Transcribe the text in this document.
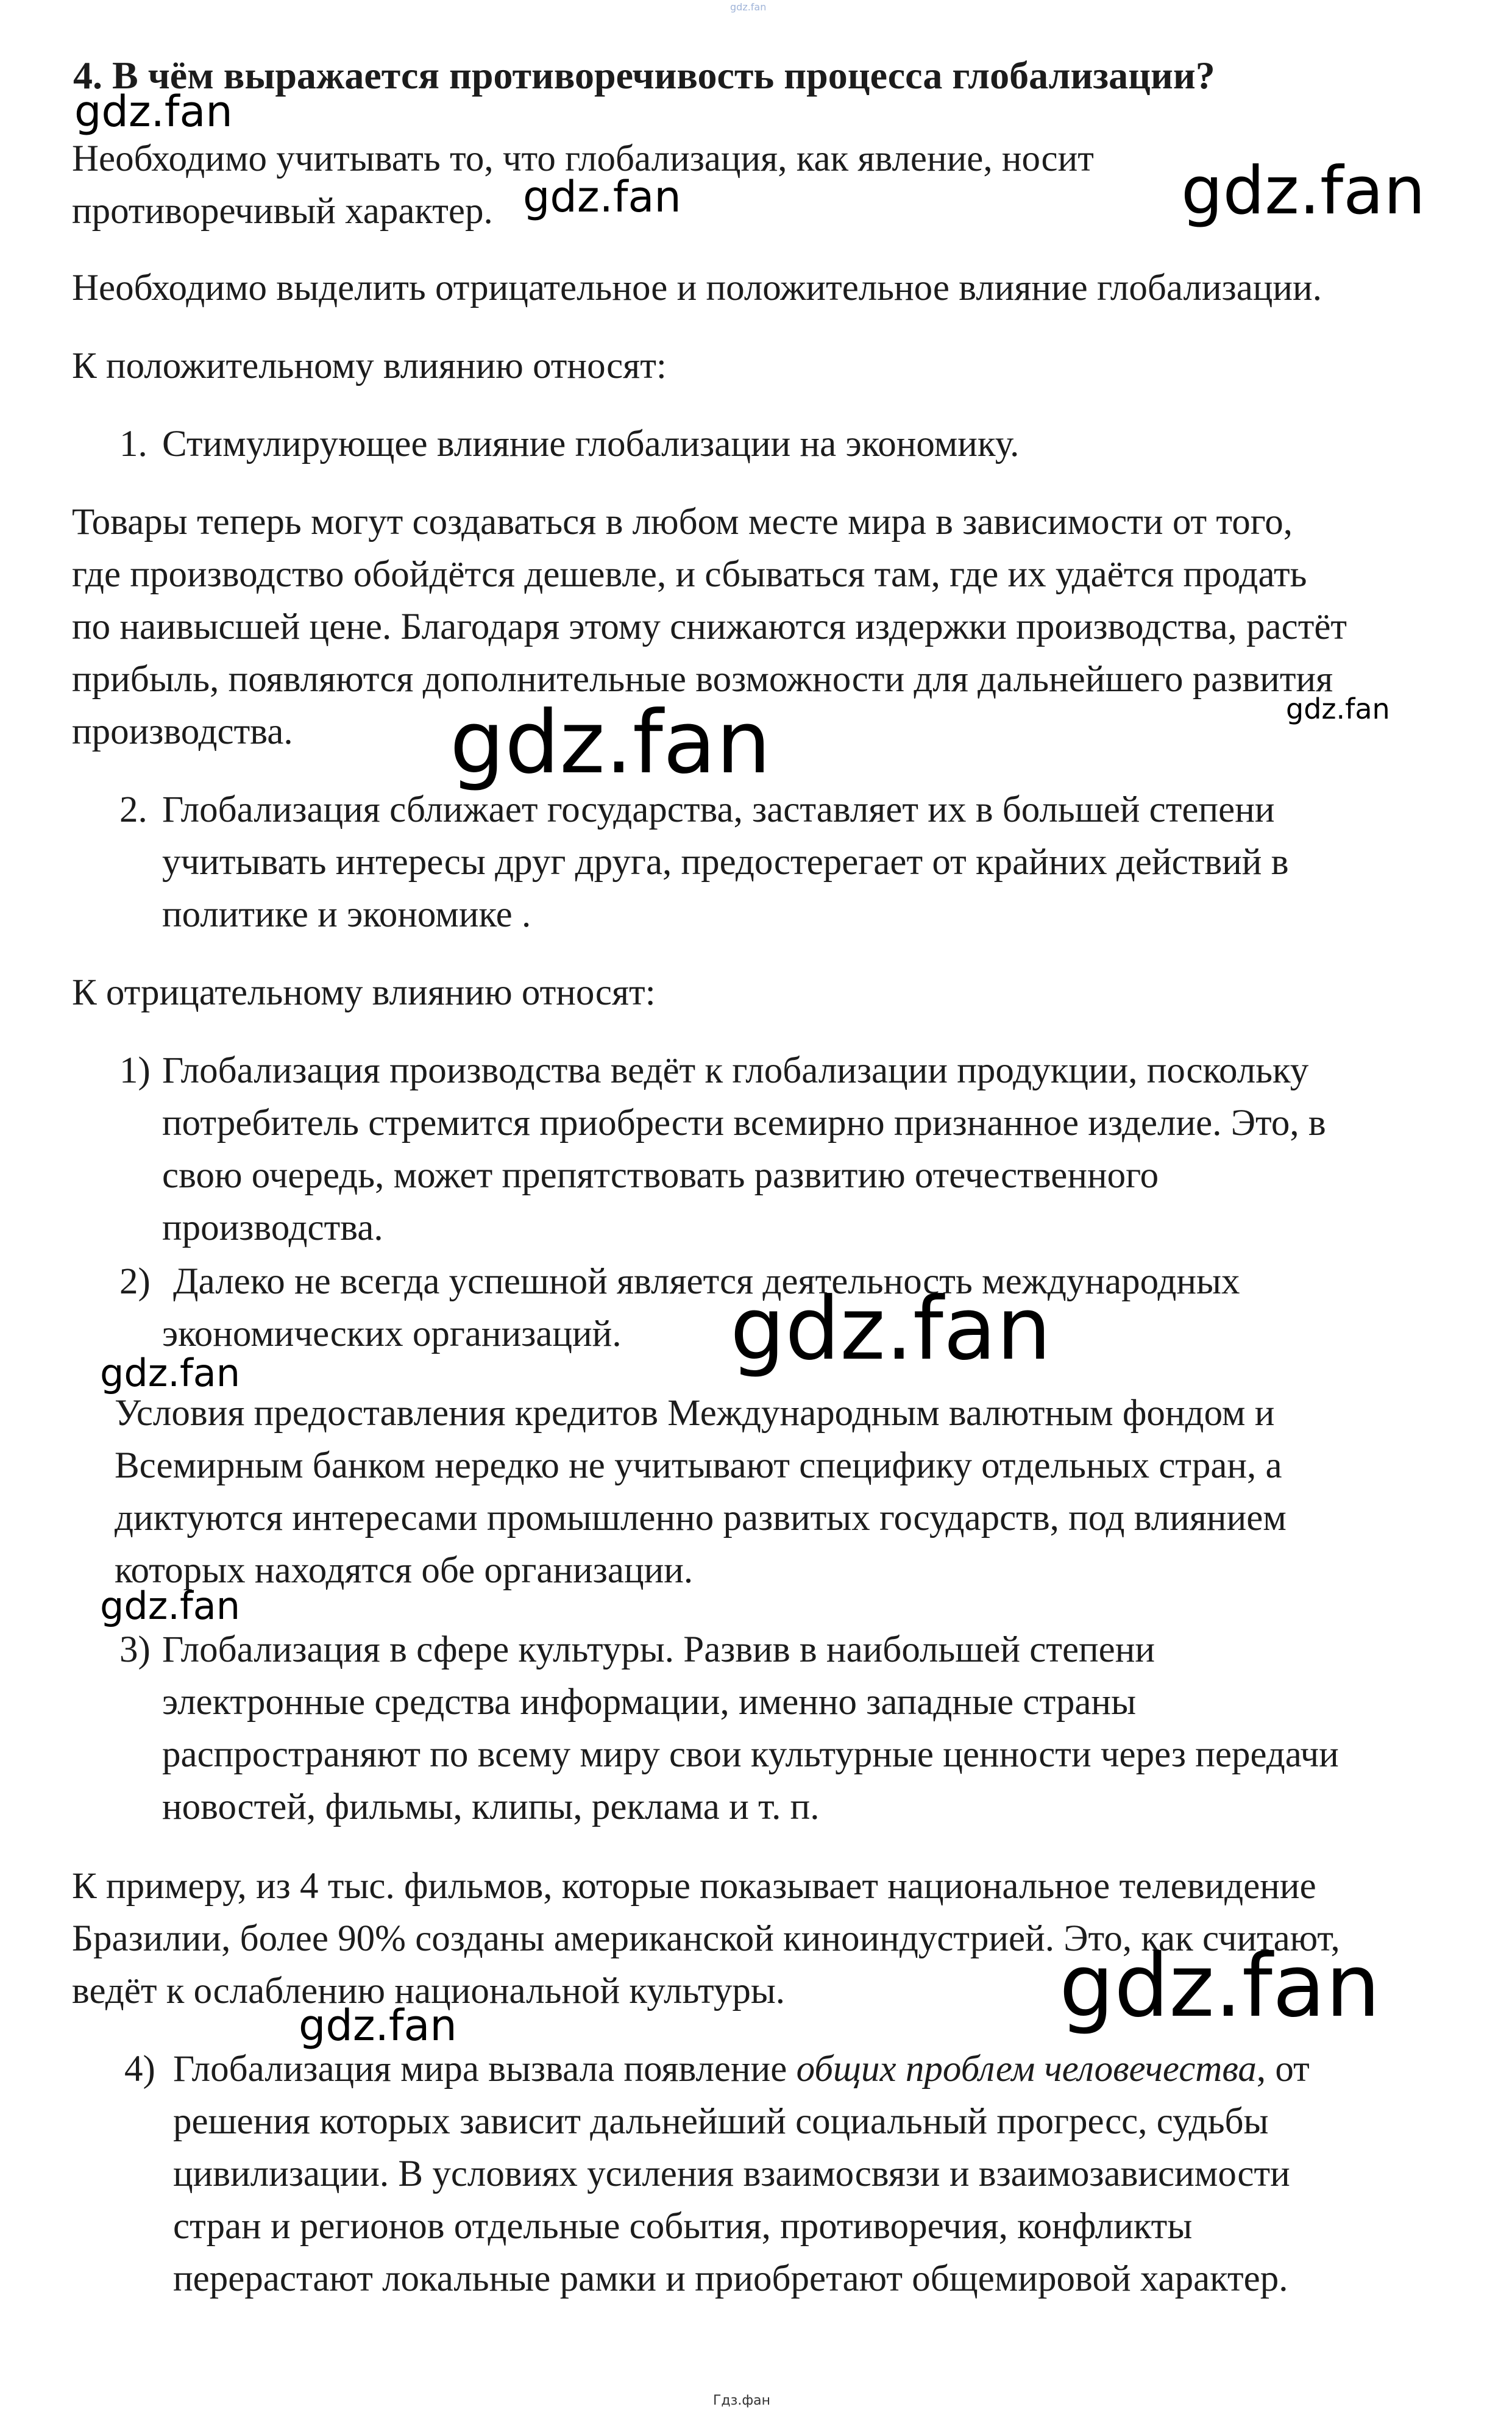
gdz.fan
4. В чём выражается противоречивость процесса глобализации?
gdz.fan
Необходимо учитывать то, что глобализация, как явление, носит
противоречивый характер. gdz.fan	gdz.fan
Необходимо выделить отрицательное и положительное влияние глобализации.
К положительному влиянию относят:
1. Стимулирующее влияние глобализации на экономику.
Товары теперь могут создаваться в любом месте мира в зависимости от того,
где производство обойдётся дешевле, и сбываться там, где их удаётся продать
по наивысшей цене. Благодаря этому снижаются издержки производства, растёт
прибыль, появляются дополнительные возможности для дальнейшего развития
gdz.fan
производства. gdz.fan
2. Глобализация сближает государства, заставляет их в большей степени
учитывать интересы друг друга, предостерегает от крайних действий в
политике и экономике .
К отрицательному влиянию относят:
1) Глобализация производства ведёт к глобализации продукции, поскольку
потребитель стремится приобрести всемирно признанное изделие. Это, в
свою очередь, может препятствовать развитию отечественного
производства.
2) Далеко не всегда успешной является деятельность международных
экономических организаций. gdz.fan
gdz.fan
Условия предоставления кредитов Международным валютным фондом и
Всемирным банком нередко не учитывают специфику отдельных стран, а
диктуются интересами промышленно развитых государств, под влиянием
которых находятся обе организации.
gdz.fan
3) Глобализация в сфере культуры. Развив в наибольшей степени
электронные средства информации, именно западные страны
распространяют по всему миру свои культурные ценности через передачи
новостей, фильмы, клипы, реклама и т. п.
К примеру, из 4 тыс. фильмов, которые показывает национальное телевидение
Бразилии, более 90% созданы американской киноиндустрией. Это, как считают,
ведёт к ослаблению национальной культуры.	gdz.fan
gdz.fan
4) Глобализация мира вызвала появление общих проблем человечества, от
решения которых зависит дальнейший социальный прогресс, судьбы
цивилизации. В условиях усиления взаимосвязи и взаимозависимости
стран и регионов отдельные события, противоречия, конфликты
перерастают локальные рамки и приобретают общемировой характер.
Гдз.фан
